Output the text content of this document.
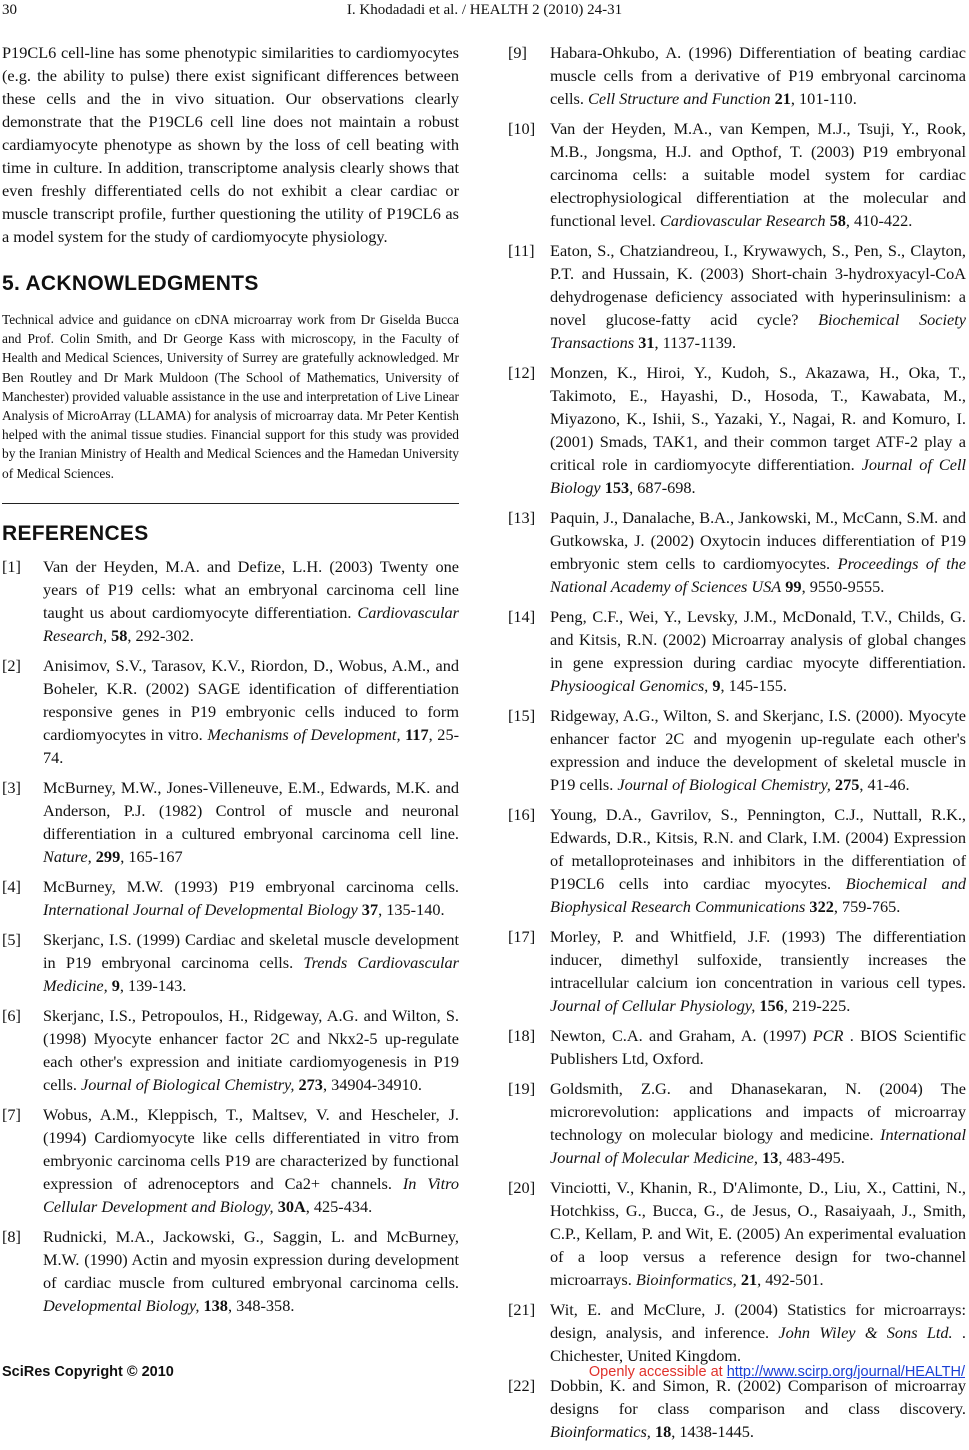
30	I. Khodadadi et al. / HEALTH 2 (2010) 24-31

P19CL6 cell-line has some phenotypic similarities to cardiomyocytes (e.g. the ability to pulse) there exist significant differences between these cells and the in vivo situation. Our observations clearly demonstrate that the P19CL6 cell line does not maintain a robust cardiamyocyte phenotype as shown by the loss of cell beating with time in culture. In addition, transcriptome analysis clearly shows that even freshly differentiated cells do not exhibit a clear cardiac or muscle transcript profile, further questioning the utility of P19CL6 as a model system for the study of cardiomyocyte physiology.

5. ACKNOWLEDGMENTS

Technical advice and guidance on cDNA microarray work from Dr Giselda Bucca and Prof. Colin Smith, and Dr George Kass with microscopy, in the Faculty of Health and Medical Sciences, University of Surrey are gratefully acknowledged. Mr Ben Routley and Dr Mark Muldoon (The School of Mathematics, University of Manchester) provided valuable assistance in the use and interpretation of Live Linear Analysis of MicroArray (LLAMA) for analysis of microarray data. Mr Peter Kentish helped with the animal tissue studies. Financial support for this study was provided by the Iranian Ministry of Health and Medical Sciences and the Hamedan University of Medical Sciences.

REFERENCES

[1] Van der Heyden, M.A. and Defize, L.H. (2003) Twenty one years of P19 cells: what an embryonal carcinoma cell line taught us about cardiomyocyte differentiation. Cardiovascular Research, 58, 292-302.

[2] Anisimov, S.V., Tarasov, K.V., Riordon, D., Wobus, A.M., and Boheler, K.R. (2002) SAGE identification of differentiation responsive genes in P19 embryonic cells induced to form cardiomyocytes in vitro. Mechanisms of Development, 117, 25-74.

[3] McBurney, M.W., Jones-Villeneuve, E.M., Edwards, M.K. and Anderson, P.J. (1982) Control of muscle and neuronal differentiation in a cultured embryonal carcinoma cell line. Nature, 299, 165-167

[4] McBurney, M.W. (1993) P19 embryonal carcinoma cells. International Journal of Developmental Biology 37, 135-140.

[5] Skerjanc, I.S. (1999) Cardiac and skeletal muscle development in P19 embryonal carcinoma cells. Trends Cardiovascular Medicine, 9, 139-143.

[6] Skerjanc, I.S., Petropoulos, H., Ridgeway, A.G. and Wilton, S. (1998) Myocyte enhancer factor 2C and Nkx2-5 up-regulate each other's expression and initiate cardiomyogenesis in P19 cells. Journal of Biological Chemistry, 273, 34904-34910.

[7] Wobus, A.M., Kleppisch, T., Maltsev, V. and Hescheler, J. (1994) Cardiomyocyte like cells differentiated in vitro from embryonic carcinoma cells P19 are characterized by functional expression of adrenoceptors and Ca2+ channels. In Vitro Cellular Development and Biology, 30A, 425-434.

[8] Rudnicki, M.A., Jackowski, G., Saggin, L. and McBurney, M.W. (1990) Actin and myosin expression during development of cardiac muscle from cultured embryonal carcinoma cells. Developmental Biology, 138, 348-358.

[9] Habara-Ohkubo, A. (1996) Differentiation of beating cardiac muscle cells from a derivative of P19 embryonal carcinoma cells. Cell Structure and Function 21, 101-110.

[10] Van der Heyden, M.A., van Kempen, M.J., Tsuji, Y., Rook, M.B., Jongsma, H.J. and Opthof, T. (2003) P19 embryonal carcinoma cells: a suitable model system for cardiac electrophysiological differentiation at the molecular and functional level. Cardiovascular Research 58, 410-422.

[11] Eaton, S., Chatziandreou, I., Krywawych, S., Pen, S., Clayton, P.T. and Hussain, K. (2003) Short-chain 3-hydroxyacyl-CoA dehydrogenase deficiency associated with hyperinsulinism: a novel glucose-fatty acid cycle? Biochemical Society Transactions 31, 1137-1139.

[12] Monzen, K., Hiroi, Y., Kudoh, S., Akazawa, H., Oka, T., Takimoto, E., Hayashi, D., Hosoda, T., Kawabata, M., Miyazono, K., Ishii, S., Yazaki, Y., Nagai, R. and Komuro, I. (2001) Smads, TAK1, and their common target ATF-2 play a critical role in cardiomyocyte differentiation. Journal of Cell Biology 153, 687-698.

[13] Paquin, J., Danalache, B.A., Jankowski, M., McCann, S.M. and Gutkowska, J. (2002) Oxytocin induces differentiation of P19 embryonic stem cells to cardiomyocytes. Proceedings of the National Academy of Sciences USA 99, 9550-9555.

[14] Peng, C.F., Wei, Y., Levsky, J.M., McDonald, T.V., Childs, G. and Kitsis, R.N. (2002) Microarray analysis of global changes in gene expression during cardiac myocyte differentiation. Physioogical Genomics, 9, 145-155.

[15] Ridgeway, A.G., Wilton, S. and Skerjanc, I.S. (2000). Myocyte enhancer factor 2C and myogenin up-regulate each other's expression and induce the development of skeletal muscle in P19 cells. Journal of Biological Chemistry, 275, 41-46.

[16] Young, D.A., Gavrilov, S., Pennington, C.J., Nuttall, R.K., Edwards, D.R., Kitsis, R.N. and Clark, I.M. (2004) Expression of metalloproteinases and inhibitors in the differentiation of P19CL6 cells into cardiac myocytes. Biochemical and Biophysical Research Communications 322, 759-765.

[17] Morley, P. and Whitfield, J.F. (1993) The differentiation inducer, dimethyl sulfoxide, transiently increases the intracellular calcium ion concentration in various cell types. Journal of Cellular Physiology, 156, 219-225.

[18] Newton, C.A. and Graham, A. (1997) PCR . BIOS Scientific Publishers Ltd, Oxford.

[19] Goldsmith, Z.G. and Dhanasekaran, N. (2004) The microrevolution: applications and impacts of microarray technology on molecular biology and medicine. International Journal of Molecular Medicine, 13, 483-495.

[20] Vinciotti, V., Khanin, R., D'Alimonte, D., Liu, X., Cattini, N., Hotchkiss, G., Bucca, G., de Jesus, O., Rasaiyaah, J., Smith, C.P., Kellam, P. and Wit, E. (2005) An experimental evaluation of a loop versus a reference design for two-channel microarrays. Bioinformatics, 21, 492-501.

[21] Wit, E. and McClure, J. (2004) Statistics for microarrays: design, analysis, and inference. John Wiley & Sons Ltd. . Chichester, United Kingdom.

[22] Dobbin, K. and Simon, R. (2002) Comparison of microarray designs for class comparison and class discovery. Bioinformatics, 18, 1438-1445.

SciRes Copyright © 2010	Openly accessible at http://www.scirp.org/journal/HEALTH/
